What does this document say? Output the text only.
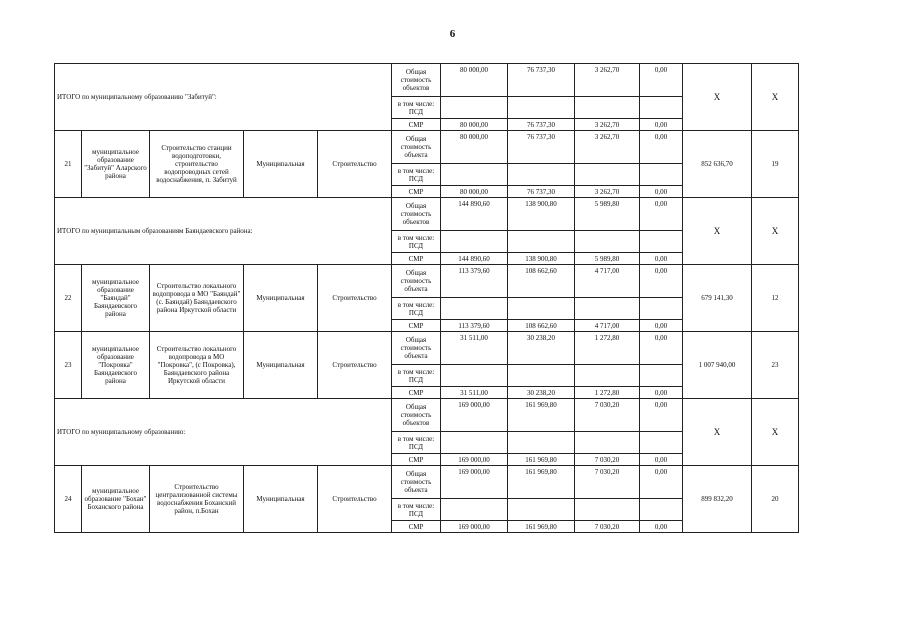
6
ИТОГО по муниципальному образованию "Забитуй":					Общая стоимость объектов	80 000,00	76 737,30	3 262,70	0,00	Х	Х
					в том числе: ПСД						
					СМР	80 000,00	76 737,30	3 262,70	0,00		
21	муниципальное образование "Забитуй" Аларского района	Строительство станции водоподготовки, строительство водопроводных сетей водоснабжения, п. Забитуй	Муниципальная	Строительство	Общая стоимость объекта	80 000,00	76 737,30	3 262,70	0,00	852 636,70	19
					в том числе: ПСД						
					СМР	80 000,00	76 737,30	3 262,70	0,00		
ИТОГО по муниципальным образованиям Баяндаевского района:					Общая стоимость объектов	144 890,60	138 900,80	5 989,80	0,00	Х	Х
					в том числе: ПСД						
					СМР	144 890,60	138 900,80	5 989,80	0,00		
22	муниципальное образование "Баяндай" Баяндаевского района	Строительство локального водопровода в МО "Баяндай" (с. Баяндай) Баяндаевского района Иркутской области	Муниципальная	Строительство	Общая стоимость объекта	113 379,60	108 662,60	4 717,00	0,00	679 141,30	12
					в том числе: ПСД						
					СМР	113 379,60	108 662,60	4 717,00	0,00		
23	муниципальное образование "Покровка" Баяндаевского района	Строительство локального водопровода в МО "Покровка", (с Покровка), Баяндаевского района Иркутской области	Муниципальная	Строительство	Общая стоимость объекта	31 511,00	30 238,20	1 272,80	0,00	1 007 940,00	23
					в том числе: ПСД						
					СМР	31 511,00	30 238,20	1 272,80	0,00		
ИТОГО по муниципальному образованию:					Общая стоимость объектов	169 000,00	161 969,80	7 030,20	0,00	Х	Х
					в том числе: ПСД						
					СМР	169 000,00	161 969,80	7 030,20	0,00		
24	муниципальное образование "Бохан" Боханского района	Строительство централизованной системы водоснабжения Боханский район, п.Бохан	Муниципальная	Строительство	Общая стоимость объекта	169 000,00	161 969,80	7 030,20	0,00	899 832,20	20
					в том числе: ПСД						
					СМР	169 000,00	161 969,80	7 030,20	0,00		
